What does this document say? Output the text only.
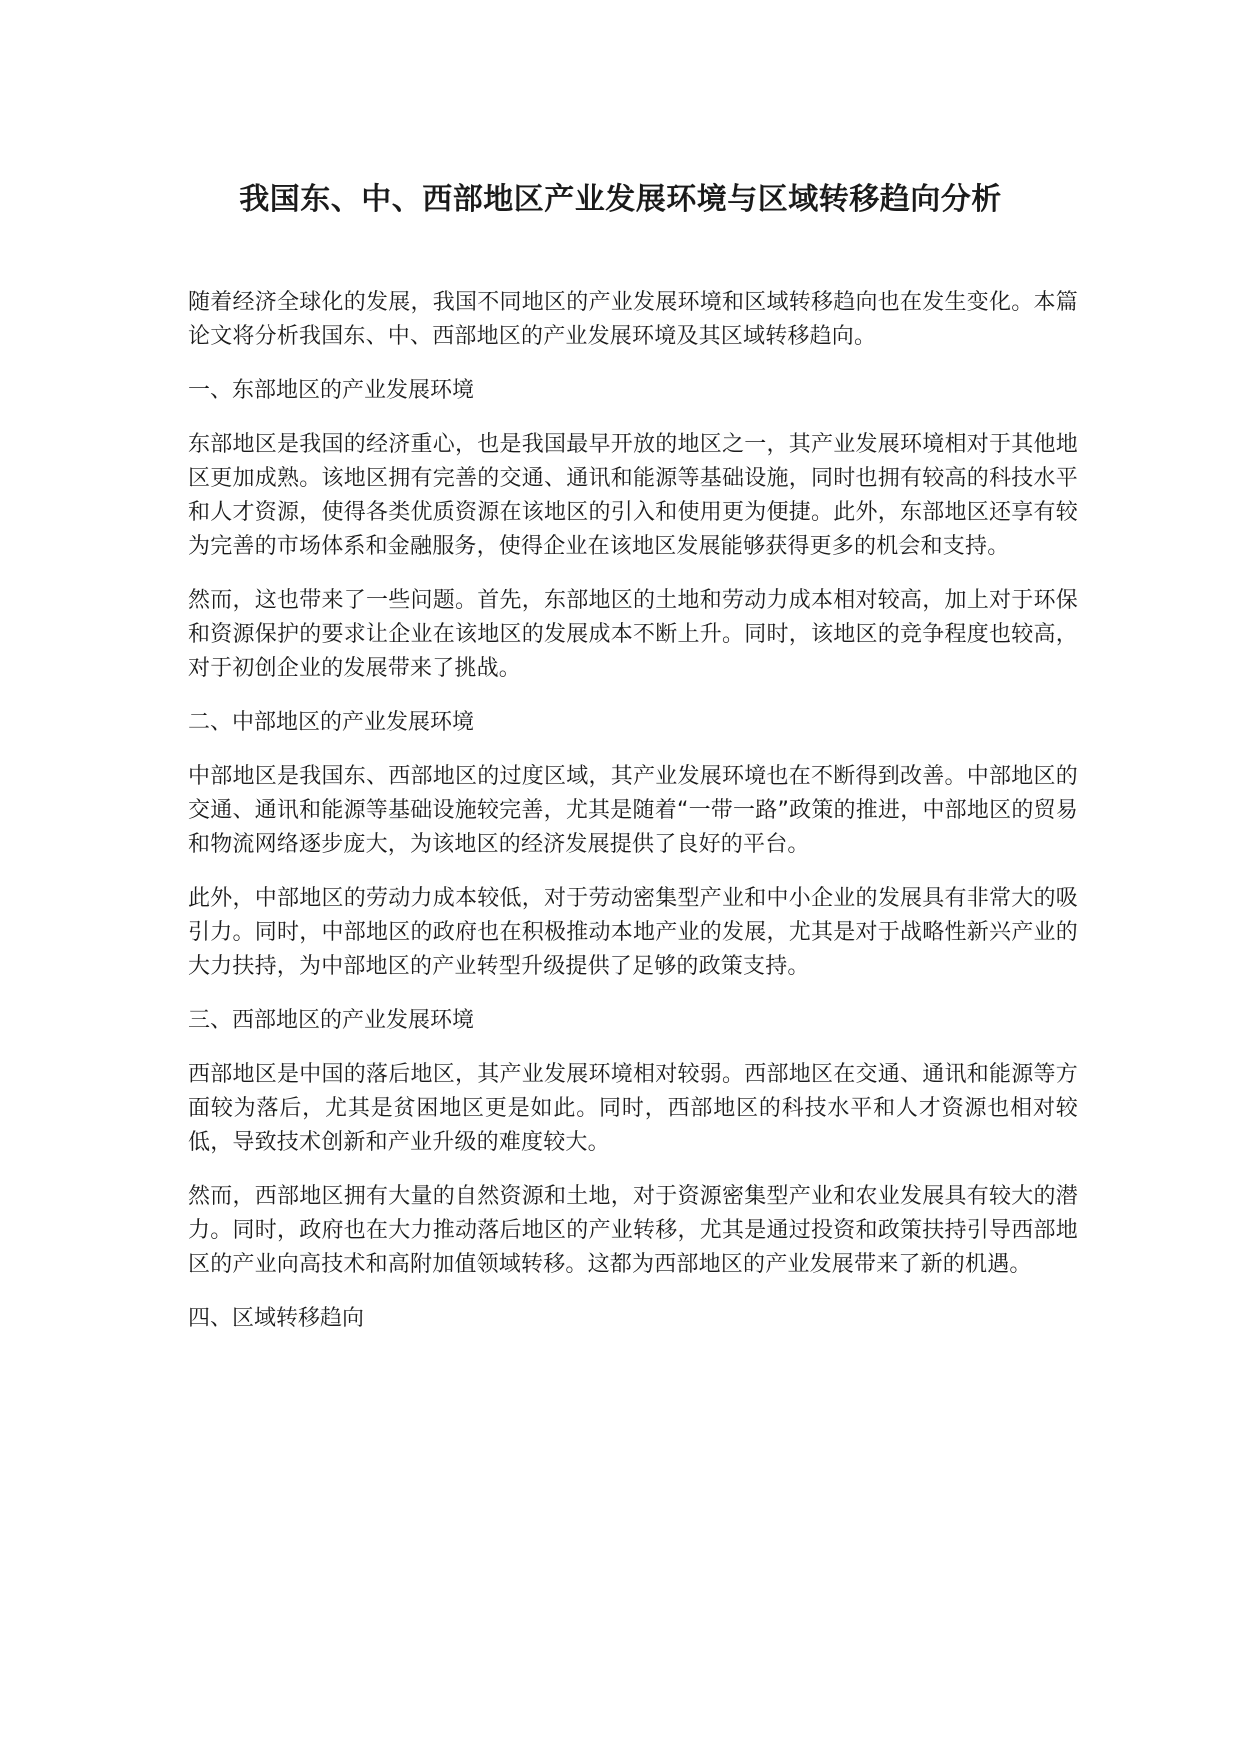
我国东、中、西部地区产业发展环境与区域转移趋向分析

随着经济全球化的发展，我国不同地区的产业发展环境和区域转移趋向也在发生变化。本篇论文将分析我国东、中、西部地区的产业发展环境及其区域转移趋向。

一、东部地区的产业发展环境

东部地区是我国的经济重心，也是我国最早开放的地区之一，其产业发展环境相对于其他地区更加成熟。该地区拥有完善的交通、通讯和能源等基础设施，同时也拥有较高的科技水平和人才资源，使得各类优质资源在该地区的引入和使用更为便捷。此外，东部地区还享有较为完善的市场体系和金融服务，使得企业在该地区发展能够获得更多的机会和支持。

然而，这也带来了一些问题。首先，东部地区的土地和劳动力成本相对较高，加上对于环保和资源保护的要求让企业在该地区的发展成本不断上升。同时，该地区的竞争程度也较高，对于初创企业的发展带来了挑战。

二、中部地区的产业发展环境

中部地区是我国东、西部地区的过度区域，其产业发展环境也在不断得到改善。中部地区的交通、通讯和能源等基础设施较完善，尤其是随着“一带一路”政策的推进，中部地区的贸易和物流网络逐步庞大，为该地区的经济发展提供了良好的平台。

此外，中部地区的劳动力成本较低，对于劳动密集型产业和中小企业的发展具有非常大的吸引力。同时，中部地区的政府也在积极推动本地产业的发展，尤其是对于战略性新兴产业的大力扶持，为中部地区的产业转型升级提供了足够的政策支持。

三、西部地区的产业发展环境

西部地区是中国的落后地区，其产业发展环境相对较弱。西部地区在交通、通讯和能源等方面较为落后，尤其是贫困地区更是如此。同时，西部地区的科技水平和人才资源也相对较低，导致技术创新和产业升级的难度较大。

然而，西部地区拥有大量的自然资源和土地，对于资源密集型产业和农业发展具有较大的潜力。同时，政府也在大力推动落后地区的产业转移，尤其是通过投资和政策扶持引导西部地区的产业向高技术和高附加值领域转移。这都为西部地区的产业发展带来了新的机遇。

四、区域转移趋向
